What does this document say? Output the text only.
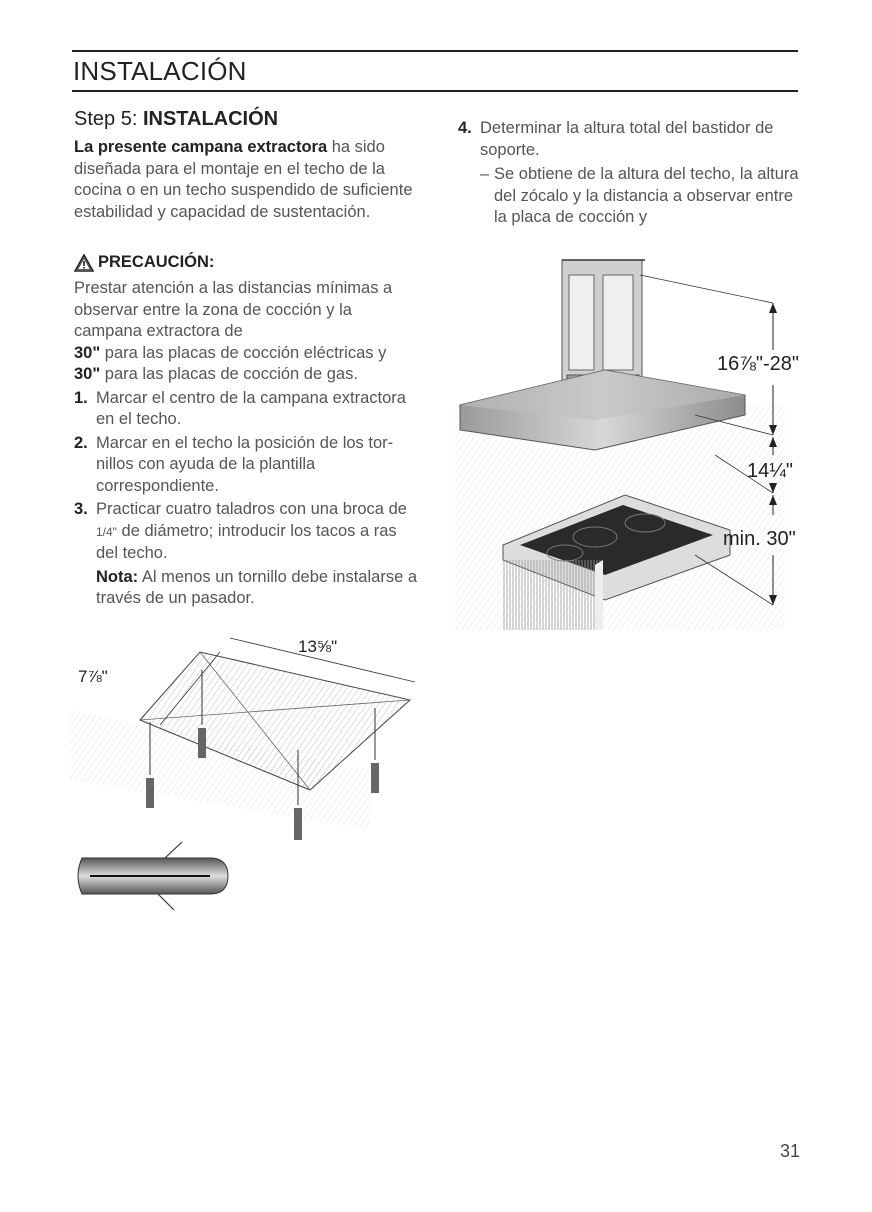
INSTALACIÓN
Step 5: INSTALACIÓN

La presente campana extractora ha sido diseñada para el montaje en el techo de la cocina o en un techo suspendido de suficiente estabilidad y capacidad de sustentación.

PRECAUCIÓN:

Prestar atención a las distancias mínimas a observar entre la zona de cocción y la campana extractora de
30" para las placas de cocción eléctricas y
30" para las placas de cocción de gas.

1. Marcar el centro de la campana extractora en el techo.

2. Marcar en el techo la posición de los tornillos con ayuda de la plantilla correspondiente.

3. Practicar cuatro taladros con una broca de 1/4" de diámetro; introducir los tacos a ras del techo.

Nota: Al menos un tornillo debe instalarse a través de un pasador.

4. Determinar la altura total del bastidor de soporte.

– Se obtiene de la altura del techo, la altura del zócalo y la distancia a observar entre la placa de cocción y

16⅞"-28"
14¼"
min. 30"
13⅝"
7⅞"
31
